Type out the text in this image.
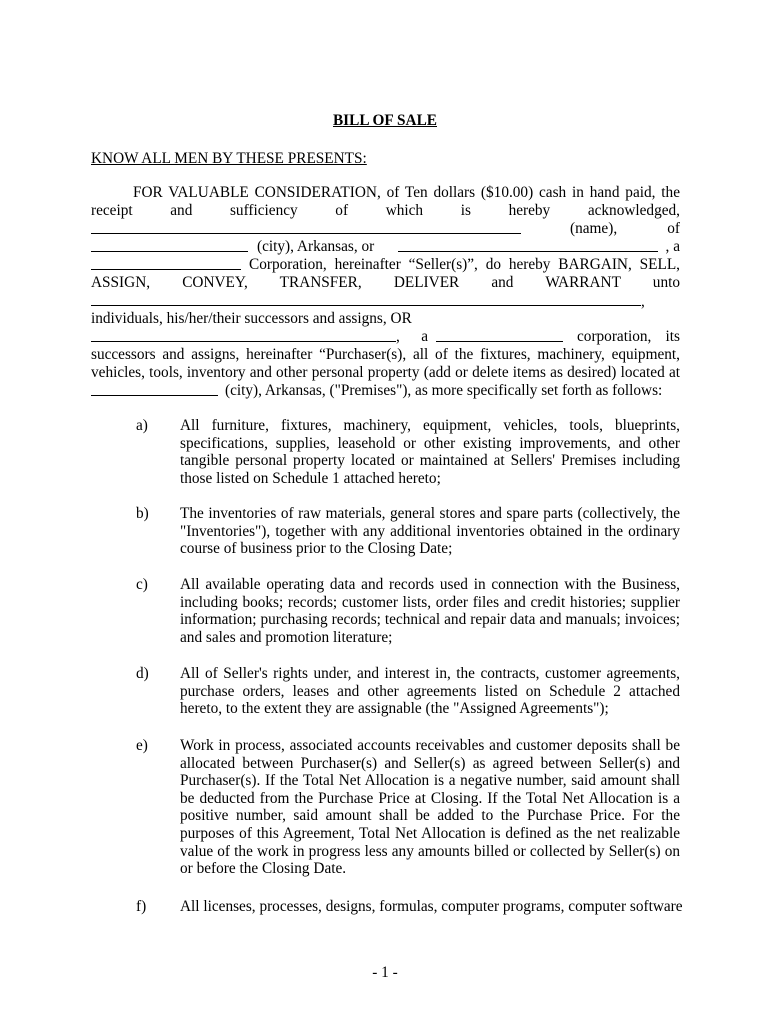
BILL OF SALE
KNOW ALL MEN BY THESE PRESENTS:
FOR VALUABLE CONSIDERATION, of Ten dollars ($10.00) cash in hand paid, the
receipt and sufficiency of which is hereby acknowledged,
(name), of
(city), Arkansas, or	, a
Corporation, hereinafter “Seller(s)”, do hereby BARGAIN, SELL,
ASSIGN, CONVEY, TRANSFER, DELIVER and WARRANT unto
,
individuals, his/her/their successors and assigns, OR
, a	corporation, its
successors and assigns, hereinafter “Purchaser(s), all of the fixtures, machinery, equipment,
vehicles, tools, inventory and other personal property (add or delete items as desired) located at
(city), Arkansas, ("Premises"), as more specifically set forth as follows:
a) All furniture, fixtures, machinery, equipment, vehicles, tools, blueprints,

specifications, supplies, leasehold or other existing improvements, and other

tangible personal property located or maintained at Sellers' Premises including

those listed on Schedule 1 attached hereto;

b) The inventories of raw materials, general stores and spare parts (collectively, the

"Inventories"), together with any additional inventories obtained in the ordinary

course of business prior to the Closing Date;

c) All available operating data and records used in connection with the Business,

including books; records; customer lists, order files and credit histories; supplier

information; purchasing records; technical and repair data and manuals; invoices;

and sales and promotion literature;

d) All of Seller's rights under, and interest in, the contracts, customer agreements,

purchase orders, leases and other agreements listed on Schedule 2 attached

hereto, to the extent they are assignable (the "Assigned Agreements");

e) Work in process, associated accounts receivables and customer deposits shall be

allocated between Purchaser(s) and Seller(s) as agreed between Seller(s) and

Purchaser(s). If the Total Net Allocation is a negative number, said amount shall

be deducted from the Purchase Price at Closing. If the Total Net Allocation is a

positive number, said amount shall be added to the Purchase Price. For the

purposes of this Agreement, Total Net Allocation is defined as the net realizable

value of the work in progress less any amounts billed or collected by Seller(s) on

or before the Closing Date.

f) All licenses, processes, designs, formulas, computer programs, computer software

- 1 -
